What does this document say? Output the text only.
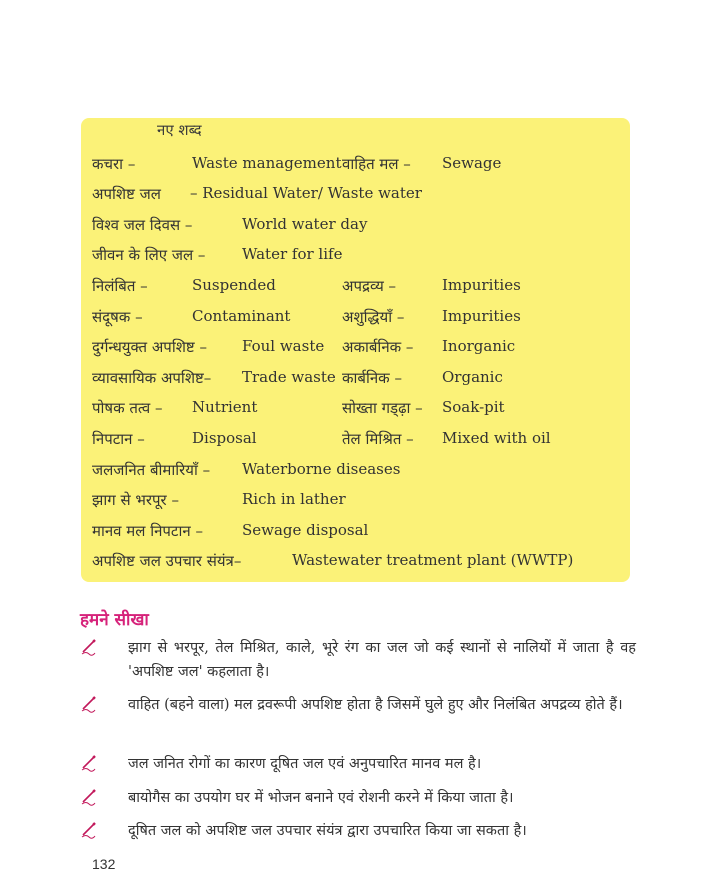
नए शब्द
कचरा –	Waste management वाहित मल – Sewage
अपशिष्ट जल – Residual Water/ Waste water
विश्व जल दिवस –	World water day
जीवन के लिए जल – Water for life
निलंबित –	Suspended	अपद्रव्य –	Impurities
संदूषक –	Contaminant	अशुद्धियाँ –	Impurities
दुर्गन्धयुक्त अपशिष्ट – Foul waste अकार्बनिक – Inorganic
व्यावसायिक अपशिष्ट– Trade waste कार्बनिक –	Organic
पोषक तत्व – Nutrient	सोख्ता गड्ढ़ा – Soak-pit
निपटान –	Disposal	तेल मिश्रित – Mixed with oil
जलजनित बीमारियाँ – Waterborne diseases
झाग से भरपूर –	Rich in lather
मानव मल निपटान –	Sewage disposal
अपशिष्ट जल उपचार संयंत्र–	Wastewater treatment plant (WWTP)
हमने सीखा
झाग से भरपूर, तेल मिश्रित, काले, भूरे रंग का जल जो कई स्थानों से नालियों में जाता है वह 'अपशिष्ट जल' कहलाता है।
वाहित (बहने वाला) मल द्रवरूपी अपशिष्ट होता है जिसमें घुले हुए और निलंबित अपद्रव्य होते हैं।
जल जनित रोगों का कारण दूषित जल एवं अनुपचारित मानव मल है।
बायोगैस का उपयोग घर में भोजन बनाने एवं रोशनी करने में किया जाता है।
दूषित जल को अपशिष्ट जल उपचार संयंत्र द्वारा उपचारित किया जा सकता है।
132
